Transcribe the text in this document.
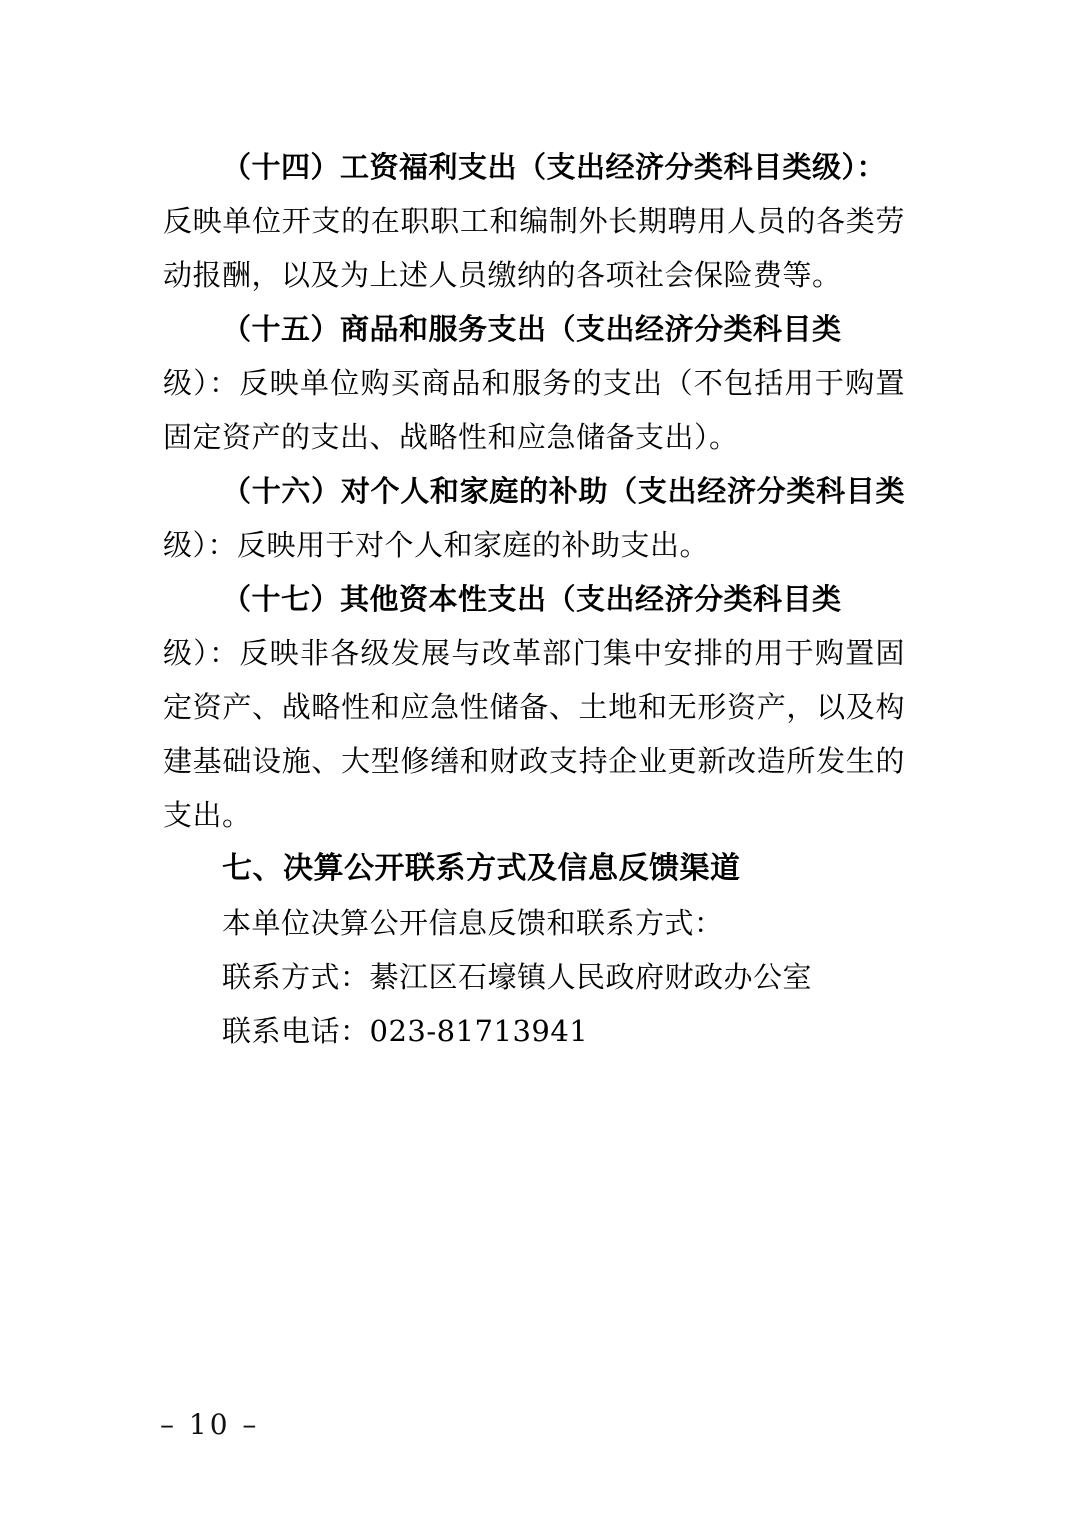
（十四）工资福利支出（支出经济分类科目类级）：
反映单位开支的在职职工和编制外长期聘用人员的各类劳
动报酬，以及为上述人员缴纳的各项社会保险费等。
（十五）商品和服务支出（支出经济分类科目类
级）：反映单位购买商品和服务的支出（不包括用于购置
固定资产的支出、战略性和应急储备支出）。
（十六）对个人和家庭的补助（支出经济分类科目类
级）：反映用于对个人和家庭的补助支出。
（十七）其他资本性支出（支出经济分类科目类
级）：反映非各级发展与改革部门集中安排的用于购置固
定资产、战略性和应急性储备、土地和无形资产，以及构
建基础设施、大型修缮和财政支持企业更新改造所发生的
支出。
七、决算公开联系方式及信息反馈渠道
本单位决算公开信息反馈和联系方式：
联系方式：綦江区石壕镇人民政府财政办公室
联系电话：023-81713941
– 10 –
